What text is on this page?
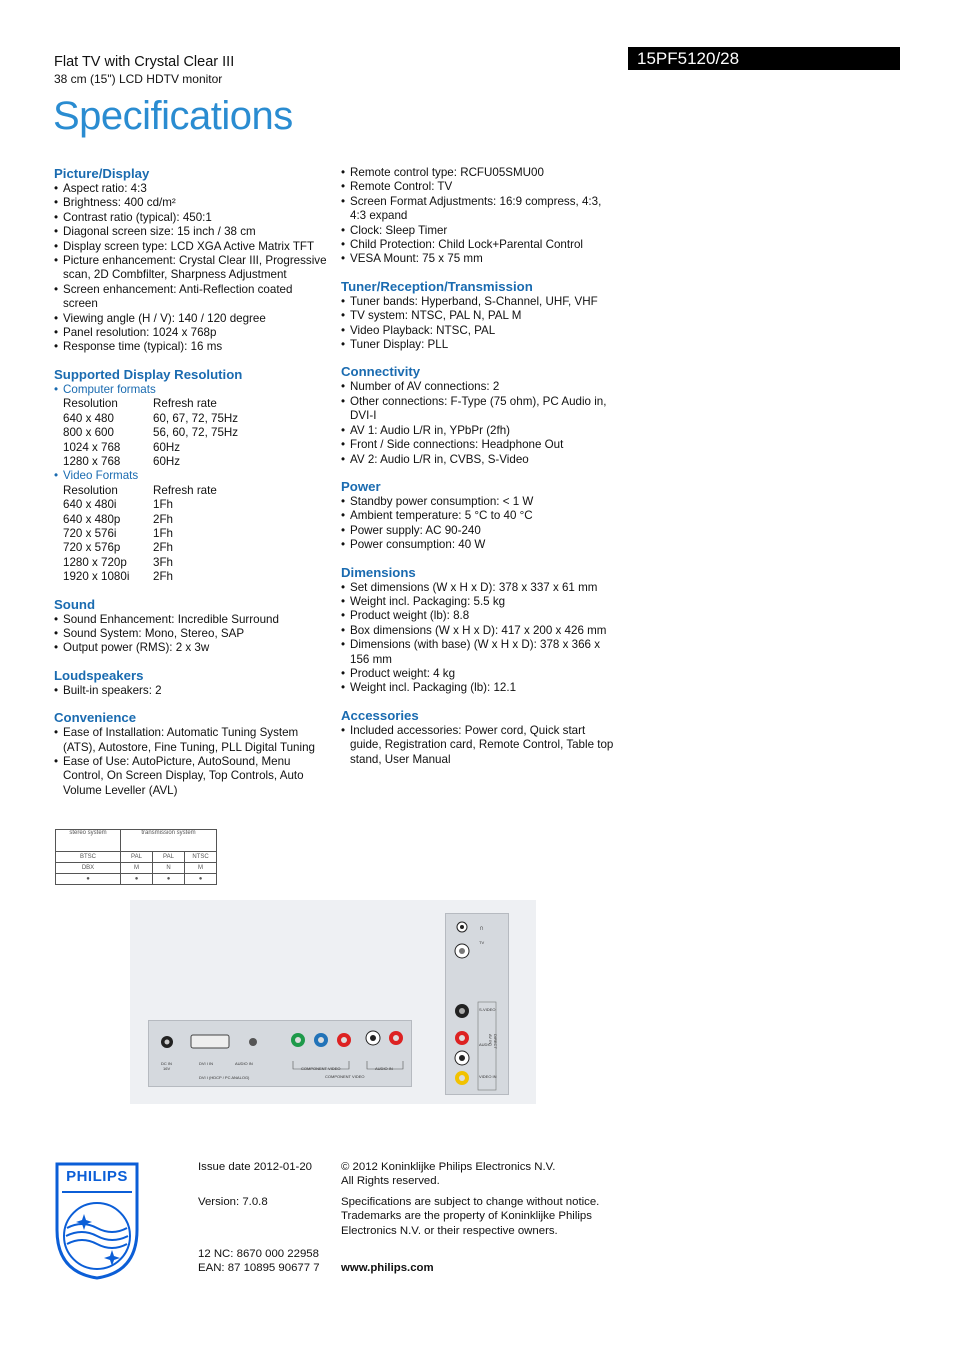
Flat TV with Crystal Clear III
38 cm (15") LCD HDTV monitor
Specifications
15PF5120/28
Picture/Display
• Aspect ratio: 4:3
• Brightness: 400 cd/m²
• Contrast ratio (typical): 450:1
• Diagonal screen size: 15 inch / 38 cm
• Display screen type: LCD XGA Active Matrix TFT
• Picture enhancement: Crystal Clear III, Progressive scan, 2D Combfilter, Sharpness Adjustment
• Screen enhancement: Anti-Reflection coated screen
• Viewing angle (H / V): 140 / 120 degree
• Panel resolution: 1024 x 768p
• Response time (typical): 16 ms
Supported Display Resolution
• Computer formats
Resolution	Refresh rate
640 x 480	60, 67, 72, 75Hz
800 x 600	56, 60, 72, 75Hz
1024 x 768	60Hz
1280 x 768	60Hz
• Video Formats
Resolution	Refresh rate
640 x 480i	1Fh
640 x 480p	2Fh
720 x 576i	1Fh
720 x 576p	2Fh
1280 x 720p	3Fh
1920 x 1080i	2Fh
Sound
• Sound Enhancement: Incredible Surround
• Sound System: Mono, Stereo, SAP
• Output power (RMS): 2 x 3w
Loudspeakers
• Built-in speakers: 2
Convenience
• Ease of Installation: Automatic Tuning System (ATS), Autostore, Fine Tuning, PLL Digital Tuning
• Ease of Use: AutoPicture, AutoSound, Menu Control, On Screen Display, Top Controls, Auto Volume Leveller (AVL)
• Remote control type: RCFU05SMU00
• Remote Control: TV
• Screen Format Adjustments: 16:9 compress, 4:3, 4:3 expand
• Clock: Sleep Timer
• Child Protection: Child Lock+Parental Control
• VESA Mount: 75 x 75 mm
Tuner/Reception/Transmission
• Tuner bands: Hyperband, S-Channel, UHF, VHF
• TV system: NTSC, PAL N, PAL M
• Video Playback: NTSC, PAL
• Tuner Display: PLL
Connectivity
• Number of AV connections: 2
• Other connections: F-Type (75 ohm), PC Audio in, DVI-I
• AV 1: Audio L/R in, YPbPr (2fh)
• Front / Side connections: Headphone Out
• AV 2: Audio L/R in, CVBS, S-Video
Power
• Standby power consumption: < 1 W
• Ambient temperature: 5 °C to 40 °C
• Power supply: AC 90-240
• Power consumption: 40 W
Dimensions
• Set dimensions (W x H x D): 378 x 337 x 61 mm
• Weight incl. Packaging: 5.5 kg
• Product weight (lb): 8.8
• Box dimensions (W x H x D): 417 x 200 x 426 mm
• Dimensions (with base) (W x H x D): 378 x 366 x 156 mm
• Product weight: 4 kg
• Weight incl. Packaging (lb): 12.1
Accessories
• Included accessories: Power cord, Quick start guide, Registration card, Remote Control, Table top stand, User Manual
stereo system	transmission system		
BTSC	PAL	PAL	NTSC
DBX	M	N	M
●	●	●	●
DC IN
16V
DVI I IN	AUDIO IN
DVI I (HDCP / PC ANALOG)
COMPONENT VIDEO	AUDIO IN
COMPONENT VIDEO
∩
TV
S-VIDEO
AUDIO
VIDEO IN
DIRECT AV IN
PHILIPS
Issue date 2012-01-20
Version: 7.0.8
12 NC: 8670 000 22958
EAN: 87 10895 90677 7
© 2012 Koninklijke Philips Electronics N.V.
All Rights reserved.
Specifications are subject to change without notice.
Trademarks are the property of Koninklijke Philips
Electronics N.V. or their respective owners.
www.philips.com
